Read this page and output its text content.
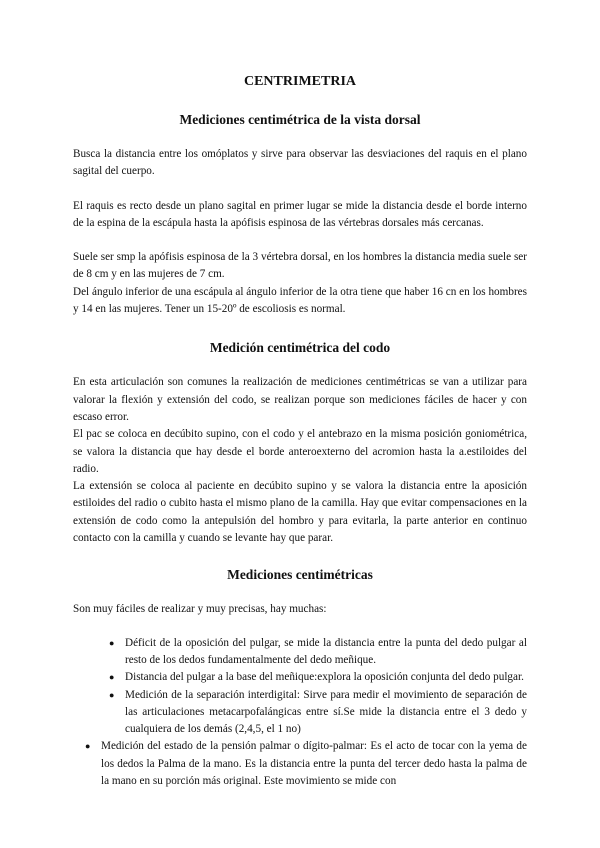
CENTRIMETRIA
Mediciones centimétrica de la vista dorsal

Busca la distancia entre los omóplatos y sirve para observar las desviaciones del raquis en el plano sagital del cuerpo.

El raquis es recto desde un plano sagital en primer lugar se mide la distancia desde el borde interno de la espina de la escápula hasta la apófisis espinosa de las vértebras dorsales más cercanas.

Suele ser smp la apófisis espinosa de la 3 vértebra dorsal, en los hombres la distancia media suele ser de 8 cm y en las mujeres de 7 cm.

Del ángulo inferior de una escápula al ángulo inferior de la otra tiene que haber 16 cn en los hombres y 14 en las mujeres. Tener un 15-20º de escoliosis es normal.

Medición centimétrica del codo

En esta articulación son comunes la realización de mediciones centimétricas se van a utilizar para valorar la flexión y extensión del codo, se realizan porque son mediciones fáciles de hacer y con escaso error.

El pac se coloca en decúbito supino, con el codo y el antebrazo en la misma posición goniométrica, se valora la distancia que hay desde el borde anteroexterno del acromion hasta la a.estiloides del radio.

La extensión se coloca al paciente en decúbito supino y se valora la distancia entre la aposición estiloides del radio o cubito hasta el mismo plano de la camilla. Hay que evitar compensaciones en la extensión de codo como la antepulsión del hombro y para evitarla, la parte anterior en continuo contacto con la camilla y cuando se levante hay que parar.

Mediciones centimétricas

Son muy fáciles de realizar y muy precisas, hay muchas:

● Déficit de la oposición del pulgar, se mide la distancia entre la punta del dedo pulgar al resto de los dedos fundamentalmente del dedo meñique.
● Distancia del pulgar a la base del meñique:explora la oposición conjunta del dedo pulgar.
● Medición de la separación interdigital: Sirve para medir el movimiento de separación de las articulaciones metacarpofalángicas entre sí.Se mide la distancia entre el 3 dedo y cualquiera de los demás (2,4,5, el 1 no)
● Medición del estado de la pensión palmar o dígito-palmar: Es el acto de tocar con la yema de los dedos la Palma de la mano. Es la distancia entre la punta del tercer dedo hasta la palma de la mano en su porción más original. Este movimiento se mide con
